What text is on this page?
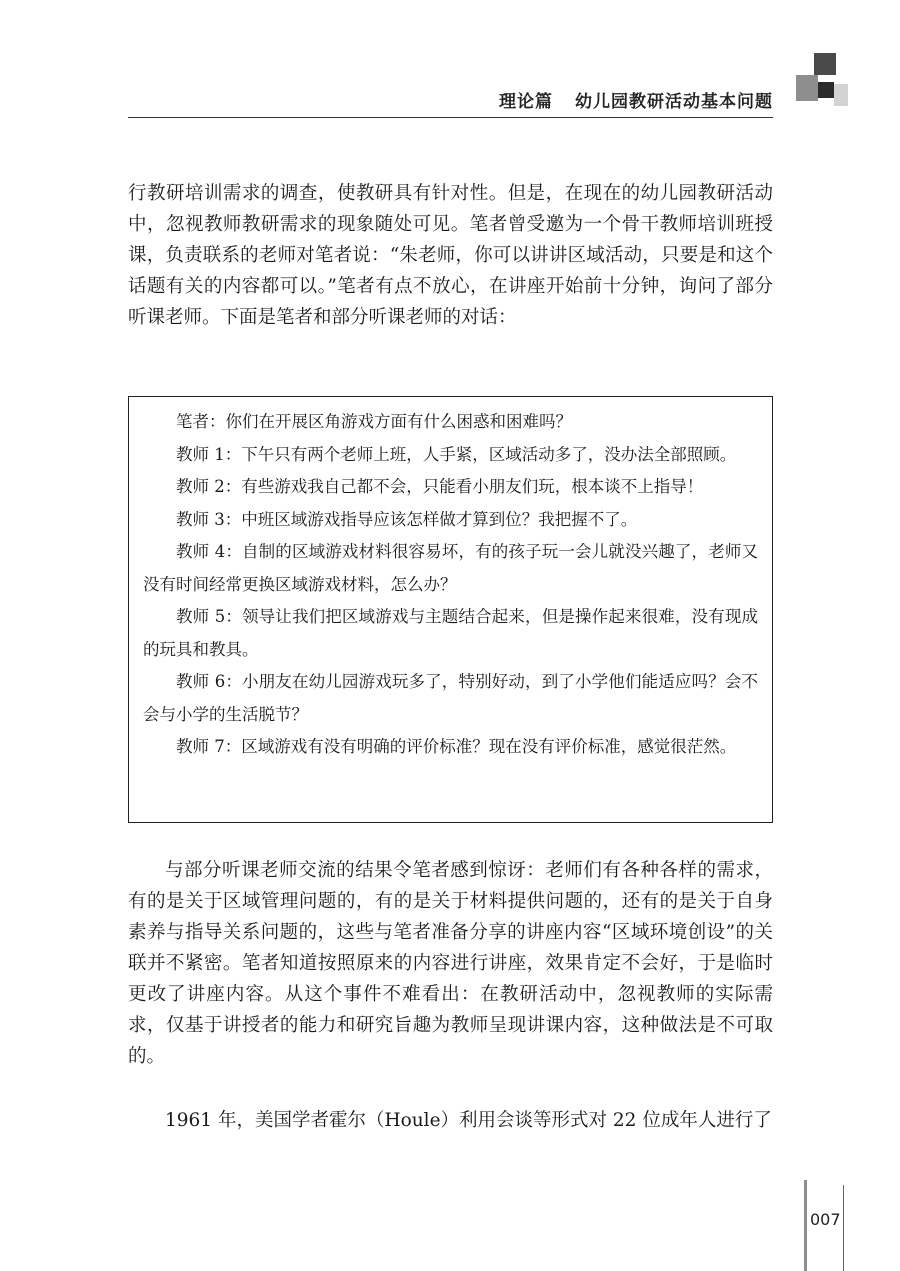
理论篇 幼儿园教研活动基本问题

行教研培训需求的调查，使教研具有针对性。但是，在现在的幼儿园教研活动中，忽视教师教研需求的现象随处可见。笔者曾受邀为一个骨干教师培训班授课，负责联系的老师对笔者说：“朱老师，你可以讲讲区域活动，只要是和这个话题有关的内容都可以。”笔者有点不放心，在讲座开始前十分钟，询问了部分听课老师。下面是笔者和部分听课老师的对话：

笔者：你们在开展区角游戏方面有什么困惑和困难吗？

教师 1：下午只有两个老师上班，人手紧，区域活动多了，没办法全部照顾。

教师 2：有些游戏我自己都不会，只能看小朋友们玩，根本谈不上指导！

教师 3：中班区域游戏指导应该怎样做才算到位？我把握不了。

教师 4：自制的区域游戏材料很容易坏，有的孩子玩一会儿就没兴趣了，老师又没有时间经常更换区域游戏材料，怎么办？

教师 5：领导让我们把区域游戏与主题结合起来，但是操作起来很难，没有现成的玩具和教具。

教师 6：小朋友在幼儿园游戏玩多了，特别好动，到了小学他们能适应吗？会不会与小学的生活脱节？

教师 7：区域游戏有没有明确的评价标准？现在没有评价标准，感觉很茫然。

与部分听课老师交流的结果令笔者感到惊讶：老师们有各种各样的需求，有的是关于区域管理问题的，有的是关于材料提供问题的，还有的是关于自身素养与指导关系问题的，这些与笔者准备分享的讲座内容“区域环境创设”的关联并不紧密。笔者知道按照原来的内容进行讲座，效果肯定不会好，于是临时更改了讲座内容。从这个事件不难看出：在教研活动中，忽视教师的实际需求，仅基于讲授者的能力和研究旨趣为教师呈现讲课内容，这种做法是不可取的。

1961 年，美国学者霍尔（Houle）利用会谈等形式对 22 位成年人进行了

007
